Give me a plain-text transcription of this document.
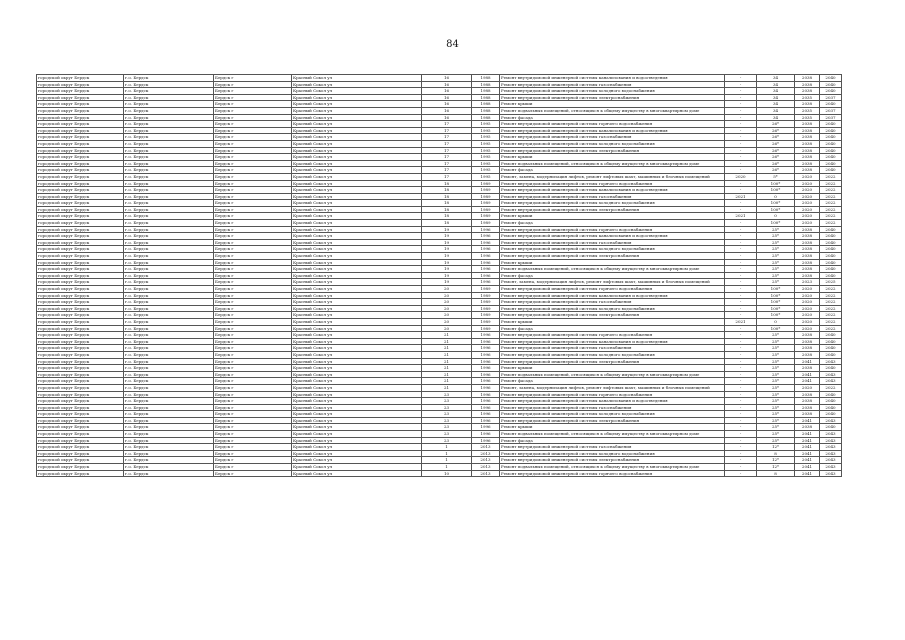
84
городской округ Бердск	г.о. Бердск	Бердск г	Красный Сокол ул	16	1988	Ремонт внутридомовой инженерной системы канализования и водоотведения	-	34	2038	2040
городской округ Бердск	г.о. Бердск	Бердск г	Красный Сокол ул	16	1988	Ремонт внутридомовой инженерной системы газоснабжения	-	34	2038	2040
городской округ Бердск	г.о. Бердск	Бердск г	Красный Сокол ул	16	1988	Ремонт внутридомовой инженерной системы холодного водоснабжения	-	34	2038	2040
городской округ Бердск	г.о. Бердск	Бердск г	Красный Сокол ул	16	1988	Ремонт внутридомовой инженерной системы электроснабжения	-	34	2035	2037
городской округ Бердск	г.о. Бердск	Бердск г	Красный Сокол ул	16	1988	Ремонт крыши	-	34	2038	2040
городской округ Бердск	г.о. Бердск	Бердск г	Красный Сокол ул	16	1988	Ремонт подвальных помещений, относящихся к общему имуществу в многоквартирном доме	-	34	2035	2037
городской округ Бердск	г.о. Бердск	Бердск г	Красный Сокол ул	16	1988	Ремонт фасада	-	34	2035	2037
городской округ Бердск	г.о. Бердск	Бердск г	Красный Сокол ул	17	1995	Ремонт внутридомовой инженерной системы горячего водоснабжения	-	26*	2038	2040
городской округ Бердск	г.о. Бердск	Бердск г	Красный Сокол ул	17	1995	Ремонт внутридомовой инженерной системы канализования и водоотведения	-	26*	2038	2040
городской округ Бердск	г.о. Бердск	Бердск г	Красный Сокол ул	17	1995	Ремонт внутридомовой инженерной системы газоснабжения	-	26*	2038	2040
городской округ Бердск	г.о. Бердск	Бердск г	Красный Сокол ул	17	1995	Ремонт внутридомовой инженерной системы холодного водоснабжения	-	26*	2038	2040
городской округ Бердск	г.о. Бердск	Бердск г	Красный Сокол ул	17	1995	Ремонт внутридомовой инженерной системы электроснабжения	-	26*	2038	2040
городской округ Бердск	г.о. Бердск	Бердск г	Красный Сокол ул	17	1995	Ремонт крыши	-	26*	2038	2040
городской округ Бердск	г.о. Бердск	Бердск г	Красный Сокол ул	17	1995	Ремонт подвальных помещений, относящихся к общему имуществу в многоквартирном доме	-	26*	2038	2040
городской округ Бердск	г.о. Бердск	Бердск г	Красный Сокол ул	17	1995	Ремонт фасада	-	26*	2038	2040
городской округ Бердск	г.о. Бердск	Бердск г	Красный Сокол ул	17	1995	Ремонт, замена, модернизация лифтов, ремонт лифтовых шахт, машинных и блочных помещений	2020	5*	2020	2022
городской округ Бердск	г.о. Бердск	Бердск г	Красный Сокол ул	18	1989	Ремонт внутридомовой инженерной системы горячего водоснабжения	-	100*	2020	2022
городской округ Бердск	г.о. Бердск	Бердск г	Красный Сокол ул	18	1989	Ремонт внутридомовой инженерной системы канализования и водоотведения	-	100*	2020	2022
городской округ Бердск	г.о. Бердск	Бердск г	Красный Сокол ул	18	1989	Ремонт внутридомовой инженерной системы газоснабжения	2021	0	2020	2022
городской округ Бердск	г.о. Бердск	Бердск г	Красный Сокол ул	18	1989	Ремонт внутридомовой инженерной системы холодного водоснабжения	-	100*	2020	2022
городской округ Бердск	г.о. Бердск	Бердск г	Красный Сокол ул	18	1989	Ремонт внутридомовой инженерной системы электроснабжения	-	100*	2020	2022
городской округ Бердск	г.о. Бердск	Бердск г	Красный Сокол ул	18	1989	Ремонт крыши	2021	0	2020	2022
городской округ Бердск	г.о. Бердск	Бердск г	Красный Сокол ул	18	1989	Ремонт фасада	-	100*	2020	2022
городской округ Бердск	г.о. Бердск	Бердск г	Красный Сокол ул	19	1996	Ремонт внутридомовой инженерной системы горячего водоснабжения	-	25*	2038	2040
городской округ Бердск	г.о. Бердск	Бердск г	Красный Сокол ул	19	1996	Ремонт внутридомовой инженерной системы канализования и водоотведения	-	25*	2038	2040
городской округ Бердск	г.о. Бердск	Бердск г	Красный Сокол ул	19	1996	Ремонт внутридомовой инженерной системы газоснабжения	-	25*	2038	2040
городской округ Бердск	г.о. Бердск	Бердск г	Красный Сокол ул	19	1996	Ремонт внутридомовой инженерной системы холодного водоснабжения	-	25*	2038	2040
городской округ Бердск	г.о. Бердск	Бердск г	Красный Сокол ул	19	1996	Ремонт внутридомовой инженерной системы электроснабжения	-	25*	2038	2040
городской округ Бердск	г.о. Бердск	Бердск г	Красный Сокол ул	19	1996	Ремонт крыши	-	25*	2038	2040
городской округ Бердск	г.о. Бердск	Бердск г	Красный Сокол ул	19	1996	Ремонт подвальных помещений, относящихся к общему имуществу в многоквартирном доме	-	25*	2038	2040
городской округ Бердск	г.о. Бердск	Бердск г	Красный Сокол ул	19	1996	Ремонт фасада	-	25*	2038	2040
городской округ Бердск	г.о. Бердск	Бердск г	Красный Сокол ул	19	1996	Ремонт, замена, модернизация лифтов, ремонт лифтовых шахт, машинных и блочных помещений	-	25*	2023	2025
городской округ Бердск	г.о. Бердск	Бердск г	Красный Сокол ул	20	1989	Ремонт внутридомовой инженерной системы горячего водоснабжения	-	100*	2020	2022
городской округ Бердск	г.о. Бердск	Бердск г	Красный Сокол ул	20	1989	Ремонт внутридомовой инженерной системы канализования и водоотведения	-	100*	2020	2022
городской округ Бердск	г.о. Бердск	Бердск г	Красный Сокол ул	20	1989	Ремонт внутридомовой инженерной системы газоснабжения	-	100*	2020	2022
городской округ Бердск	г.о. Бердск	Бердск г	Красный Сокол ул	20	1989	Ремонт внутридомовой инженерной системы холодного водоснабжения	-	100*	2020	2022
городской округ Бердск	г.о. Бердск	Бердск г	Красный Сокол ул	20	1989	Ремонт внутридомовой инженерной системы электроснабжения	-	100*	2020	2022
городской округ Бердск	г.о. Бердск	Бердск г	Красный Сокол ул	20	1989	Ремонт крыши	2021	0	2020	2022
городской округ Бердск	г.о. Бердск	Бердск г	Красный Сокол ул	20	1989	Ремонт фасада	-	100*	2020	2022
городской округ Бердск	г.о. Бердск	Бердск г	Красный Сокол ул	21	1996	Ремонт внутридомовой инженерной системы горячего водоснабжения	-	25*	2038	2040
городской округ Бердск	г.о. Бердск	Бердск г	Красный Сокол ул	21	1996	Ремонт внутридомовой инженерной системы канализования и водоотведения	-	25*	2038	2040
городской округ Бердск	г.о. Бердск	Бердск г	Красный Сокол ул	21	1996	Ремонт внутридомовой инженерной системы газоснабжения	-	25*	2038	2040
городской округ Бердск	г.о. Бердск	Бердск г	Красный Сокол ул	21	1996	Ремонт внутридомовой инженерной системы холодного водоснабжения	-	25*	2038	2040
городской округ Бердск	г.о. Бердск	Бердск г	Красный Сокол ул	21	1996	Ремонт внутридомовой инженерной системы электроснабжения	-	25*	2041	2043
городской округ Бердск	г.о. Бердск	Бердск г	Красный Сокол ул	21	1996	Ремонт крыши	-	25*	2038	2040
городской округ Бердск	г.о. Бердск	Бердск г	Красный Сокол ул	21	1996	Ремонт подвальных помещений, относящихся к общему имуществу в многоквартирном доме	-	25*	2041	2043
городской округ Бердск	г.о. Бердск	Бердск г	Красный Сокол ул	21	1996	Ремонт фасада	-	25*	2041	2043
городской округ Бердск	г.о. Бердск	Бердск г	Красный Сокол ул	21	1996	Ремонт, замена, модернизация лифтов, ремонт лифтовых шахт, машинных и блочных помещений	-	25*	2020	2022
городской округ Бердск	г.о. Бердск	Бердск г	Красный Сокол ул	23	1996	Ремонт внутридомовой инженерной системы горячего водоснабжения	-	25*	2038	2040
городской округ Бердск	г.о. Бердск	Бердск г	Красный Сокол ул	23	1996	Ремонт внутридомовой инженерной системы канализования и водоотведения	-	25*	2038	2040
городской округ Бердск	г.о. Бердск	Бердск г	Красный Сокол ул	23	1996	Ремонт внутридомовой инженерной системы газоснабжения	-	25*	2038	2040
городской округ Бердск	г.о. Бердск	Бердск г	Красный Сокол ул	23	1996	Ремонт внутридомовой инженерной системы холодного водоснабжения	-	25*	2038	2040
городской округ Бердск	г.о. Бердск	Бердск г	Красный Сокол ул	23	1996	Ремонт внутридомовой инженерной системы электроснабжения	-	25*	2041	2043
городской округ Бердск	г.о. Бердск	Бердск г	Красный Сокол ул	23	1996	Ремонт крыши	-	25*	2038	2040
городской округ Бердск	г.о. Бердск	Бердск г	Красный Сокол ул	23	1996	Ремонт подвальных помещений, относящихся к общему имуществу в многоквартирном доме	-	25*	2041	2043
городской округ Бердск	г.о. Бердск	Бердск г	Красный Сокол ул	23	1996	Ремонт фасада	-	25*	2041	2043
городской округ Бердск	г.о. Бердск	Бердск г	Красный Сокол ул	1	2013	Ремонт внутридомовой инженерной системы газоснабжения	-	12*	2041	2043
городской округ Бердск	г.о. Бердск	Бердск г	Красный Сокол ул	1	2013	Ремонт внутридомовой инженерной системы холодного водоснабжения	-	8	2041	2043
городской округ Бердск	г.о. Бердск	Бердск г	Красный Сокол ул	1	2013	Ремонт внутридомовой инженерной системы электроснабжения	-	12*	2041	2043
городской округ Бердск	г.о. Бердск	Бердск г	Красный Сокол ул	1	2013	Ремонт подвальных помещений, относящихся к общему имуществу в многоквартирном доме	-	12*	2041	2043
городской округ Бердск	г.о. Бердск	Бердск г	Красный Сокол ул	10	2013	Ремонт внутридомовой инженерной системы горячего водоснабжения	-	8	2041	2043
